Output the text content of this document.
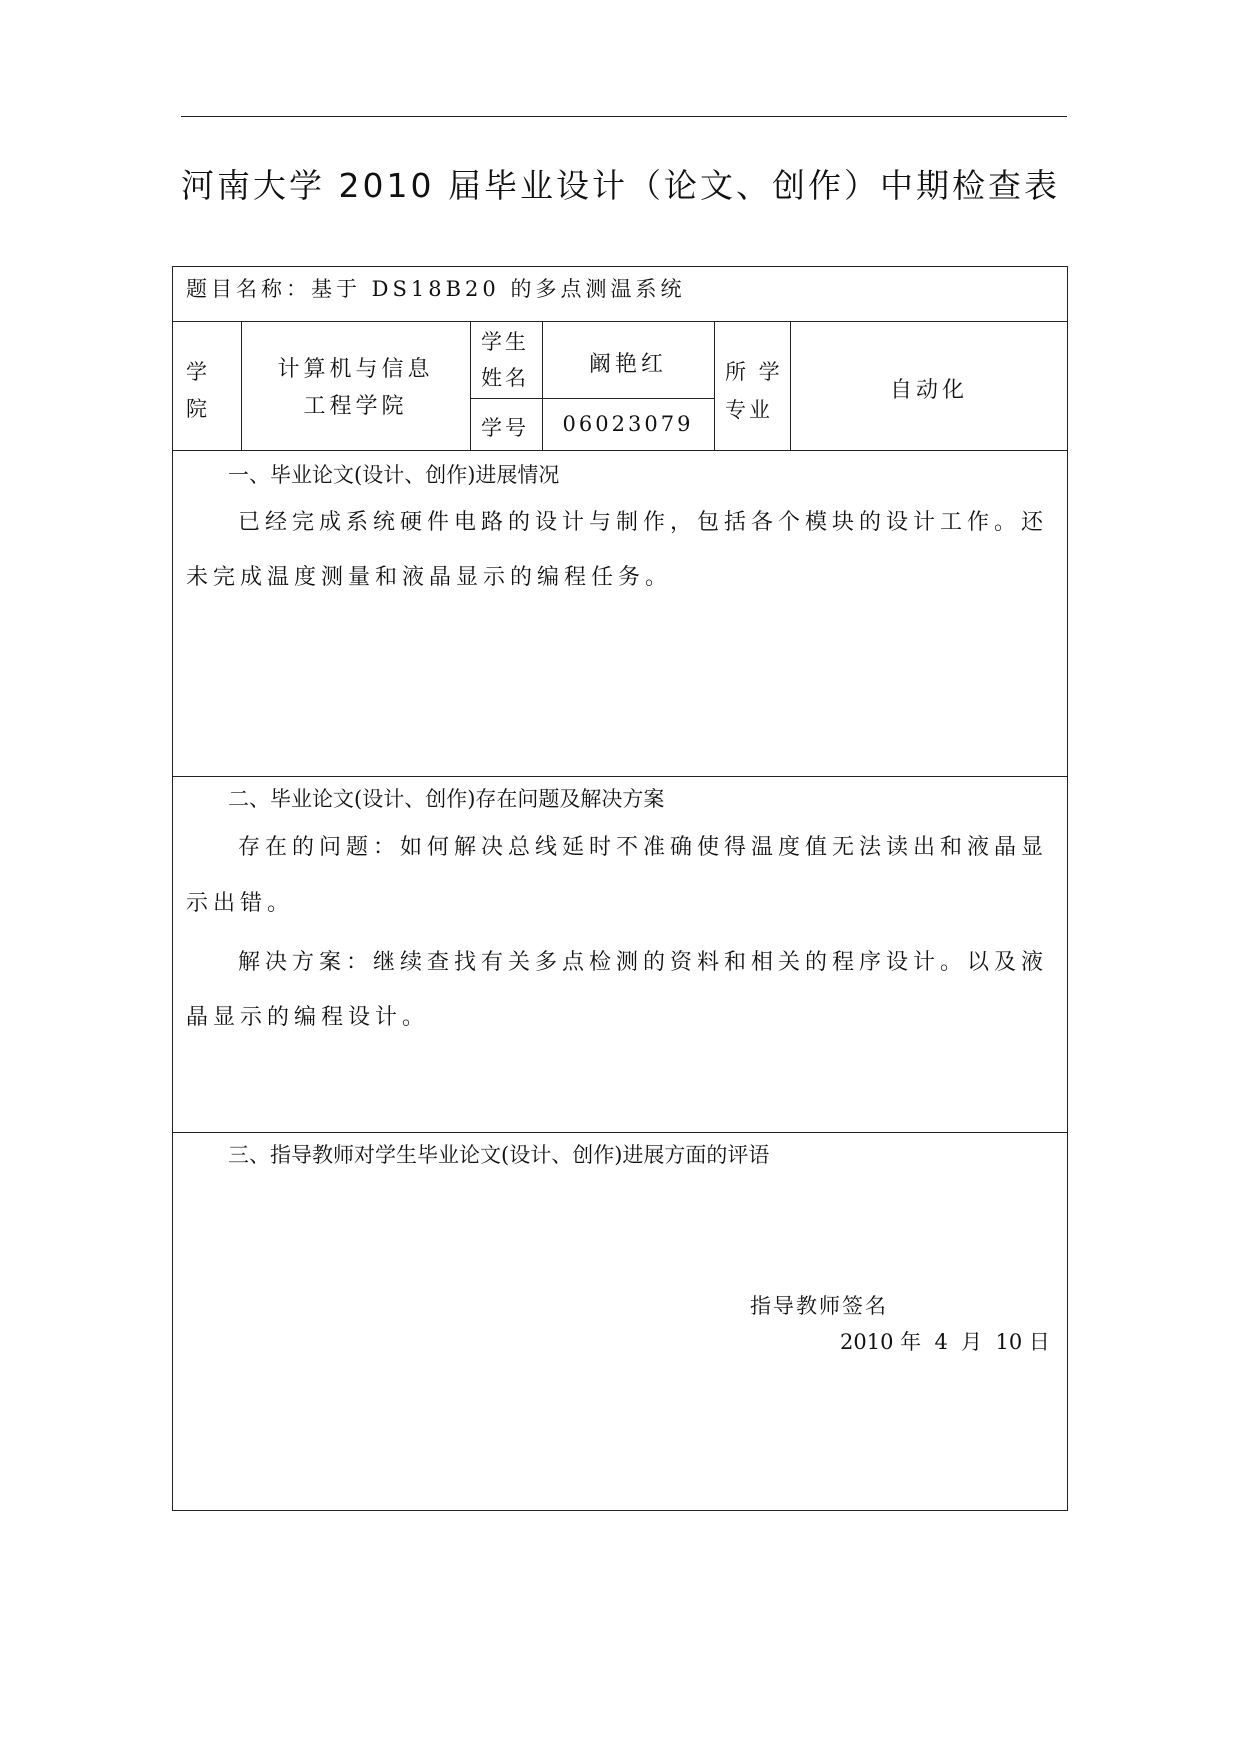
河南大学 2010 届毕业设计（论文、创作）中期检查表
题目名称：基于 DS18B20 的多点测温系统
学
院
计算机与信息
工程学院
学生
姓名
阚艳红
学号	06023079
所 学
专业
自动化
一、毕业论文(设计、创作)进展情况
已经完成系统硬件电路的设计与制作，包括各个模块的设计工作。还
未完成温度测量和液晶显示的编程任务。
二、毕业论文(设计、创作)存在问题及解决方案
存在的问题：如何解决总线延时不准确使得温度值无法读出和液晶显
示出错。
解决方案：继续查找有关多点检测的资料和相关的程序设计。以及液
晶显示的编程设计。
三、指导教师对学生毕业论文(设计、创作)进展方面的评语
指导教师签名
2010 年  4  月  10 日
